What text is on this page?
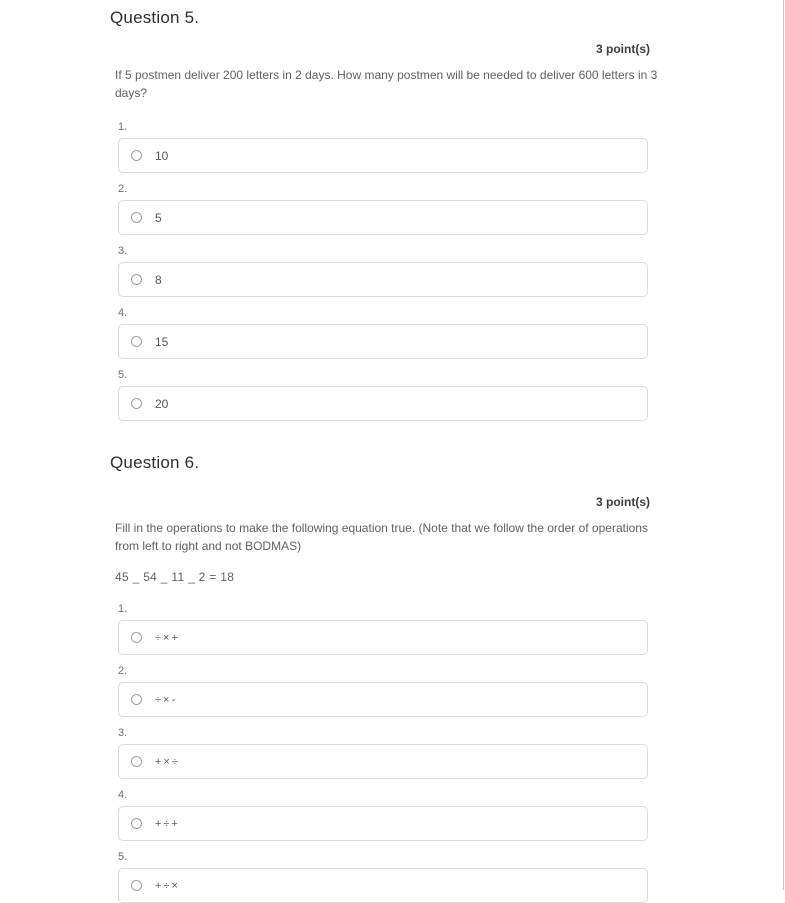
Question 5.
3 point(s)

If 5 postmen deliver 200 letters in 2 days. How many postmen will be needed to deliver 600 letters in 3 days?

1.
10
2.
5
3.
8
4.
15
5.
20
Question 6.
3 point(s)

Fill in the operations to make the following equation true. (Note that we follow the order of operations from left to right and not BODMAS)

45 _ 54 _ 11 _ 2 = 18

1.
÷×+
2.
÷×-
3.
+×÷
4.
+÷+
5.
+÷×
